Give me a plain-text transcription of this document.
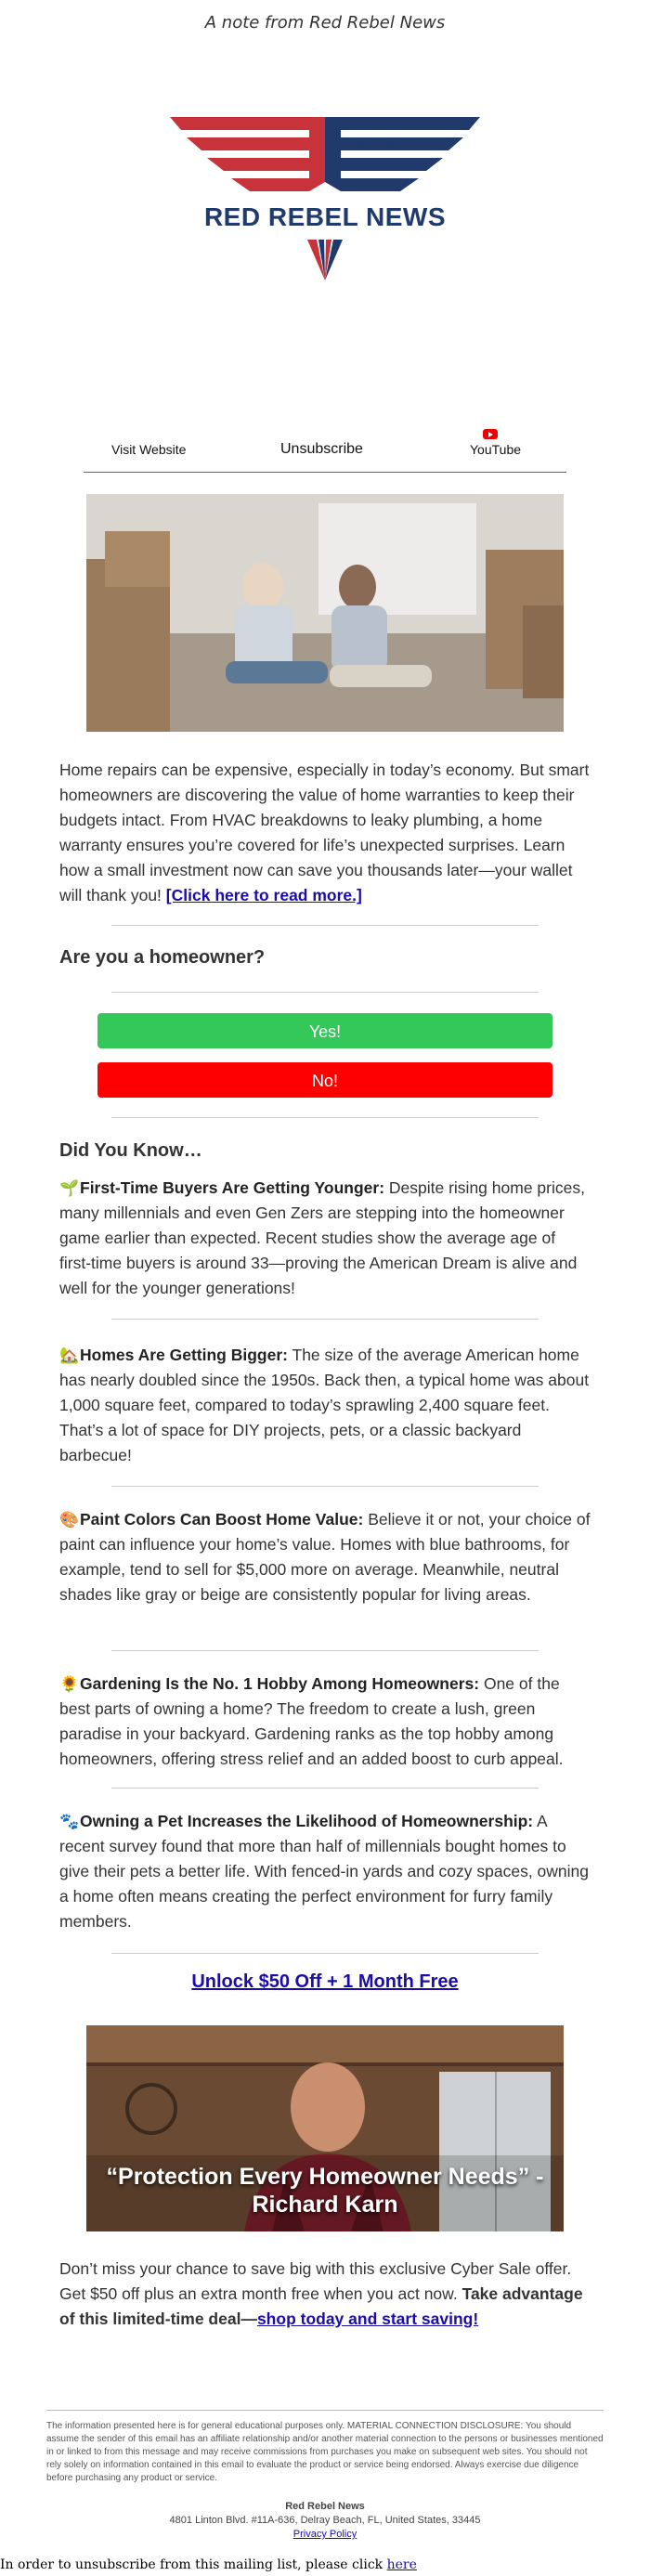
A note from Red Rebel News
★ ★	★ ★
RED REBEL NEWS
Visit Website	Unsubscribe	YouTube
Home repairs can be expensive, especially in today’s economy. But smart homeowners are discovering the value of home warranties to keep their budgets intact. From HVAC breakdowns to leaky plumbing, a home warranty ensures you’re covered for life’s unexpected surprises. Learn how a small investment now can save you thousands later—your wallet will thank you! [Click here to read more.]
Are you a homeowner?
Yes!
No!
Did You Know…
🌱First-Time Buyers Are Getting Younger: Despite rising home prices, many millennials and even Gen Zers are stepping into the homeowner game earlier than expected. Recent studies show the average age of first-time buyers is around 33—proving the American Dream is alive and well for the younger generations!
🏡Homes Are Getting Bigger: The size of the average American home has nearly doubled since the 1950s. Back then, a typical home was about 1,000 square feet, compared to today’s sprawling 2,400 square feet. That’s a lot of space for DIY projects, pets, or a classic backyard barbecue!
🎨Paint Colors Can Boost Home Value: Believe it or not, your choice of paint can influence your home’s value. Homes with blue bathrooms, for example, tend to sell for $5,000 more on average. Meanwhile, neutral shades like gray or beige are consistently popular for living areas.
🌻Gardening Is the No. 1 Hobby Among Homeowners: One of the best parts of owning a home? The freedom to create a lush, green paradise in your backyard. Gardening ranks as the top hobby among homeowners, offering stress relief and an added boost to curb appeal.
🐾Owning a Pet Increases the Likelihood of Homeownership: A recent survey found that more than half of millennials bought homes to give their pets a better life. With fenced-in yards and cozy spaces, owning a home often means creating the perfect environment for furry family members.
Unlock $50 Off + 1 Month Free
“Protection Every Homeowner Needs” - Richard Karn
Don’t miss your chance to save big with this exclusive Cyber Sale offer. Get $50 off plus an extra month free when you act now. Take advantage of this limited-time deal—shop today and start saving!
The information presented here is for general educational purposes only. MATERIAL CONNECTION DISCLOSURE: You should assume the sender of this email has an affiliate relationship and/or another material connection to the persons or businesses mentioned in or linked to from this message and may receive commissions from purchases you make on subsequent web sites. You should not rely solely on information contained in this email to evaluate the product or service being endorsed. Always exercise due diligence before purchasing any product or service.
Red Rebel News
4801 Linton Blvd. #11A-636, Delray Beach, FL, United States, 33445
Privacy Policy
In order to unsubscribe from this mailing list, please click here
